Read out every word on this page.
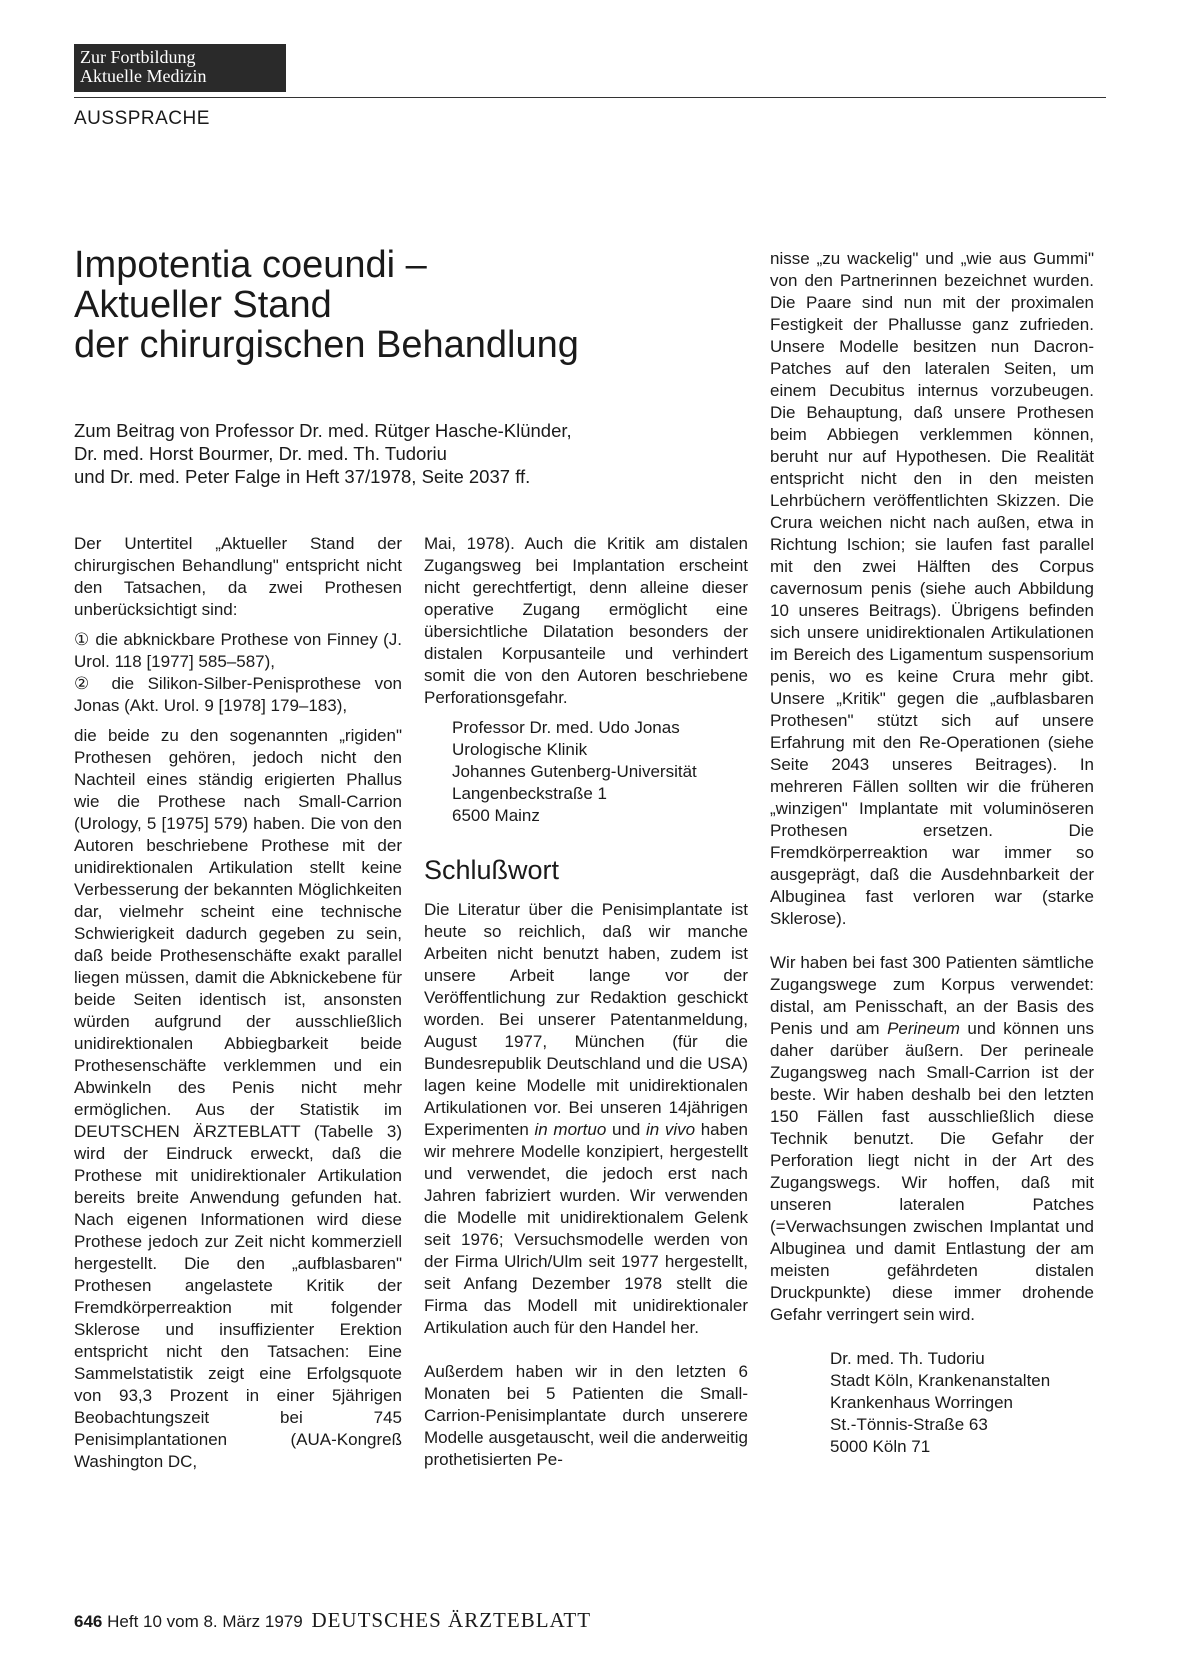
Zur Fortbildung
Aktuelle Medizin
AUSSPRACHE
Impotentia coeundi –
Aktueller Stand
der chirurgischen Behandlung
Zum Beitrag von Professor Dr. med. Rütger Hasche-Klünder,
Dr. med. Horst Bourmer, Dr. med. Th. Tudoriu
und Dr. med. Peter Falge in Heft 37/1978, Seite 2037 ff.

Der Untertitel „Aktueller Stand der chirurgischen Behandlung" entspricht nicht den Tatsachen, da zwei Prothesen unberücksichtigt sind:

① die abknickbare Prothese von Finney (J. Urol. 118 [1977] 585–587),

② die Silikon-Silber-Penisprothese von Jonas (Akt. Urol. 9 [1978] 179–183),

die beide zu den sogenannten „rigiden" Prothesen gehören, jedoch nicht den Nachteil eines ständig erigierten Phallus wie die Prothese nach Small-Carrion (Urology, 5 [1975] 579) haben. Die von den Autoren beschriebene Prothese mit der unidirektionalen Artikulation stellt keine Verbesserung der bekannten Möglichkeiten dar, vielmehr scheint eine technische Schwierigkeit dadurch gegeben zu sein, daß beide Prothesenschäfte exakt parallel liegen müssen, damit die Abknickebene für beide Seiten identisch ist, ansonsten würden aufgrund der ausschließlich unidirektionalen Abbiegbarkeit beide Prothesenschäfte verklemmen und ein Abwinkeln des Penis nicht mehr ermöglichen. Aus der Statistik im DEUTSCHEN ÄRZTEBLATT (Tabelle 3) wird der Eindruck erweckt, daß die Prothese mit unidirektionaler Artikulation bereits breite Anwendung gefunden hat. Nach eigenen Informationen wird diese Prothese jedoch zur Zeit nicht kommerziell hergestellt. Die den „aufblasbaren" Prothesen angelastete Kritik der Fremdkörperreaktion mit folgender Sklerose und insuffizienter Erektion entspricht nicht den Tatsachen: Eine Sammelstatistik zeigt eine Erfolgsquote von 93,3 Prozent in einer 5jährigen Beobachtungszeit bei 745 Penisimplantationen (AUA-Kongreß Washington DC,

Mai, 1978). Auch die Kritik am distalen Zugangsweg bei Implantation erscheint nicht gerechtfertigt, denn alleine dieser operative Zugang ermöglicht eine übersichtliche Dilatation besonders der distalen Korpusanteile und verhindert somit die von den Autoren beschriebene Perforationsgefahr.

Professor Dr. med. Udo Jonas
Urologische Klinik
Johannes Gutenberg-Universität
Langenbeckstraße 1
6500 Mainz
Schlußwort

Die Literatur über die Penisimplantate ist heute so reichlich, daß wir manche Arbeiten nicht benutzt haben, zudem ist unsere Arbeit lange vor der Veröffentlichung zur Redaktion geschickt worden. Bei unserer Patentanmeldung, August 1977, München (für die Bundesrepublik Deutschland und die USA) lagen keine Modelle mit unidirektionalen Artikulationen vor. Bei unseren 14jährigen Experimenten in mortuo und in vivo haben wir mehrere Modelle konzipiert, hergestellt und verwendet, die jedoch erst nach Jahren fabriziert wurden. Wir verwenden die Modelle mit unidirektionalem Gelenk seit 1976; Versuchsmodelle werden von der Firma Ulrich/Ulm seit 1977 hergestellt, seit Anfang Dezember 1978 stellt die Firma das Modell mit unidirektionaler Artikulation auch für den Handel her.

Außerdem haben wir in den letzten 6 Monaten bei 5 Patienten die Small-Carrion-Penisimplantate durch unserere Modelle ausgetauscht, weil die anderweitig prothetisierten Pe-

nisse „zu wackelig" und „wie aus Gummi" von den Partnerinnen bezeichnet wurden. Die Paare sind nun mit der proximalen Festigkeit der Phallusse ganz zufrieden. Unsere Modelle besitzen nun Dacron-Patches auf den lateralen Seiten, um einem Decubitus internus vorzubeugen. Die Behauptung, daß unsere Prothesen beim Abbiegen verklemmen können, beruht nur auf Hypothesen. Die Realität entspricht nicht den in den meisten Lehrbüchern veröffentlichten Skizzen. Die Crura weichen nicht nach außen, etwa in Richtung Ischion; sie laufen fast parallel mit den zwei Hälften des Corpus cavernosum penis (siehe auch Abbildung 10 unseres Beitrags). Übrigens befinden sich unsere unidirektionalen Artikulationen im Bereich des Ligamentum suspensorium penis, wo es keine Crura mehr gibt. Unsere „Kritik" gegen die „aufblasbaren Prothesen" stützt sich auf unsere Erfahrung mit den Re-Operationen (siehe Seite 2043 unseres Beitrages). In mehreren Fällen sollten wir die früheren „winzigen" Implantate mit voluminöseren Prothesen ersetzen. Die Fremdkörperreaktion war immer so ausgeprägt, daß die Ausdehnbarkeit der Albuginea fast verloren war (starke Sklerose).

Wir haben bei fast 300 Patienten sämtliche Zugangswege zum Korpus verwendet: distal, am Penisschaft, an der Basis des Penis und am Perineum und können uns daher darüber äußern. Der perineale Zugangsweg nach Small-Carrion ist der beste. Wir haben deshalb bei den letzten 150 Fällen fast ausschließlich diese Technik benutzt. Die Gefahr der Perforation liegt nicht in der Art des Zugangswegs. Wir hoffen, daß mit unseren lateralen Patches (=Verwachsungen zwischen Implantat und Albuginea und damit Entlastung der am meisten gefährdeten distalen Druckpunkte) diese immer drohende Gefahr verringert sein wird.

Dr. med. Th. Tudoriu
Stadt Köln, Krankenanstalten
Krankenhaus Worringen
St.-Tönnis-Straße 63
5000 Köln 71
646 Heft 10 vom 8. März 1979 DEUTSCHES ÄRZTEBLATT
